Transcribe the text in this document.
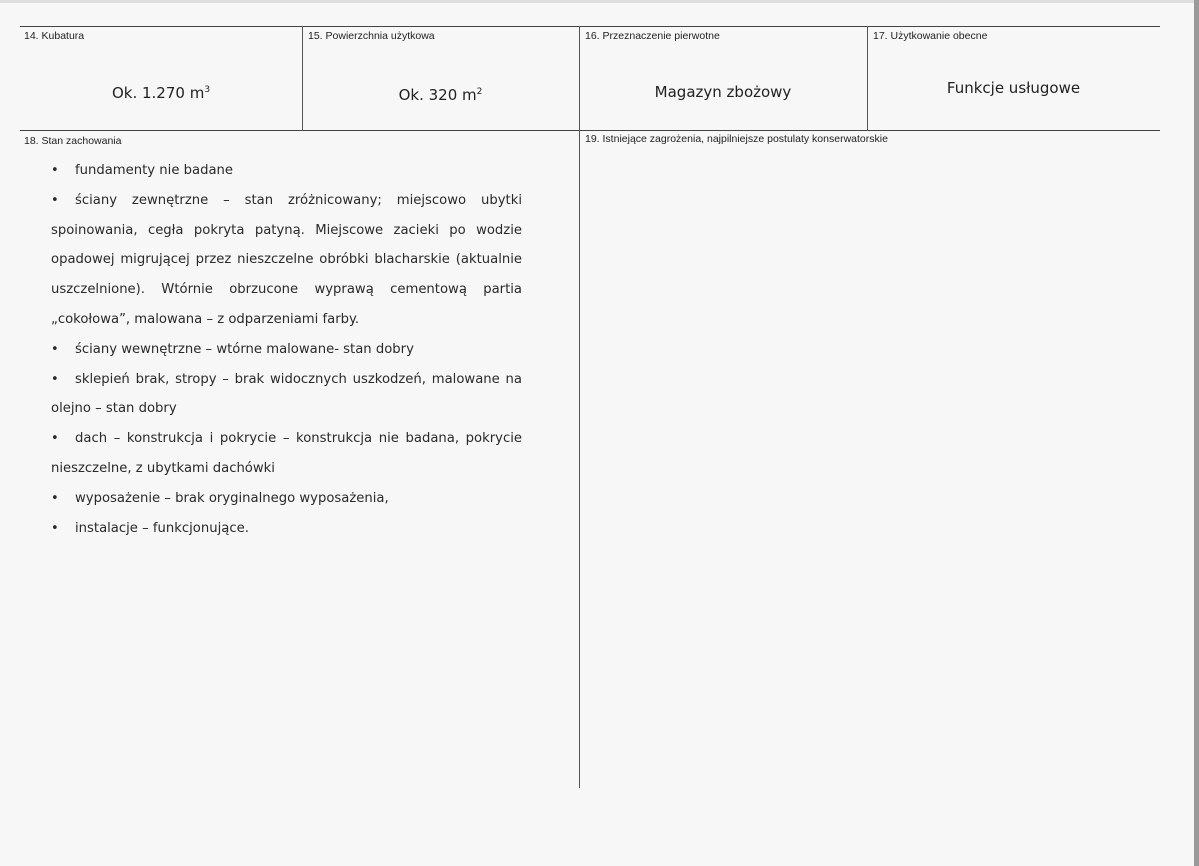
14. Kubatura	15. Powierzchnia użytkowa	16. Przeznaczenie pierwotne	17. Użytkowanie obecne
Ok. 1.270 $m^3$	Ok. 320 $m^2$	Magazyn zbożowy	Funkcje usługowe
18. Stan zachowania	19. Istniejące zagrożenia, najpilniejsze postulaty konserwatorskie

• fundamenty nie badane

• ściany zewnętrzne – stan zróżnicowany; miejscowo ubytki spoinowania, cegła pokryta patyną. Miejscowe zacieki po wodzie opadowej migrującej przez nieszczelne obróbki blacharskie (aktualnie uszczelnione). Wtórnie obrzucone wyprawą cementową partia „cokołowa”, malowana – z odparzeniami farby.

• ściany wewnętrzne – wtórne malowane- stan dobry

• sklepień brak, stropy – brak widocznych uszkodzeń, malowane na olejno – stan dobry

• dach – konstrukcja i pokrycie – konstrukcja nie badana, pokrycie nieszczelne, z ubytkami dachówki

• wyposażenie – brak oryginalnego wyposażenia,

• instalacje – funkcjonujące.
